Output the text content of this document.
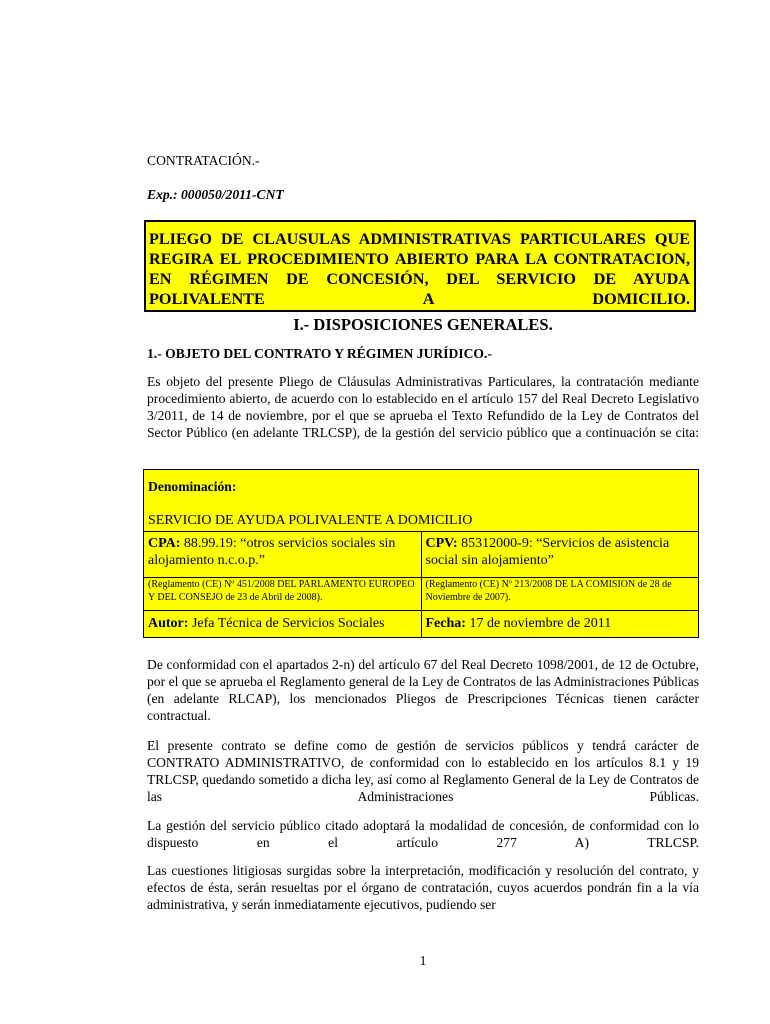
CONTRATACIÓN.-
Exp.: 000050/2011-CNT

PLIEGO DE CLAUSULAS ADMINISTRATIVAS PARTICULARES QUE REGIRA EL PROCEDIMIENTO ABIERTO PARA LA CONTRATACION, EN RÉGIMEN DE CONCESIÓN, DEL SERVICIO DE AYUDA POLIVALENTE A DOMICILIO.

I.- DISPOSICIONES GENERALES.
1.- OBJETO DEL CONTRATO Y RÉGIMEN JURÍDICO.-

Es objeto del presente Pliego de Cláusulas Administrativas Particulares, la contratación mediante procedimiento abierto, de acuerdo con lo establecido en el artículo 157 del Real Decreto Legislativo 3/2011, de 14 de noviembre, por el que se aprueba el Texto Refundido de la Ley de Contratos del Sector Público (en adelante TRLCSP), de la gestión del servicio público que a continuación se cita:

Denominación:
SERVICIO DE AYUDA POLIVALENTE A DOMICILIO	

CPA: 88.99.19: “otros servicios sociales sin alojamiento n.c.o.p.”	CPV: 85312000-9: “Servicios de asistencia social sin alojamiento”

(Reglamento (CE) Nº 451/2008 DEL PARLAMENTO EUROPEO Y DEL CONSEJO de 23 de Abril de 2008).	(Reglamento (CE) Nº 213/2008 DE LA COMISION de 28 de Noviembre de 2007).

Autor: Jefa Técnica de Servicios Sociales	Fecha: 17 de noviembre de 2011

De conformidad con el apartados 2-n) del artículo 67 del Real Decreto 1098/2001, de 12 de Octubre, por el que se aprueba el Reglamento general de la Ley de Contratos de las Administraciones Públicas (en adelante RLCAP), los mencionados Pliegos de Prescripciones Técnicas tienen carácter contractual.

El presente contrato se define como de gestión de servicios públicos y tendrá carácter de CONTRATO ADMINISTRATIVO, de conformidad con lo establecido en los artículos 8.1 y 19 TRLCSP, quedando sometido a dicha ley, así como al Reglamento General de la Ley de Contratos de las Administraciones Públicas.

La gestión del servicio público citado adoptará la modalidad de concesión, de conformidad con lo dispuesto en el artículo 277 A) TRLCSP.

Las cuestiones litigiosas surgidas sobre la interpretación, modificación y resolución del contrato, y efectos de ésta, serán resueltas por el órgano de contratación, cuyos acuerdos pondrán fin a la vía administrativa, y serán inmediatamente ejecutivos, pudiendo ser

1
